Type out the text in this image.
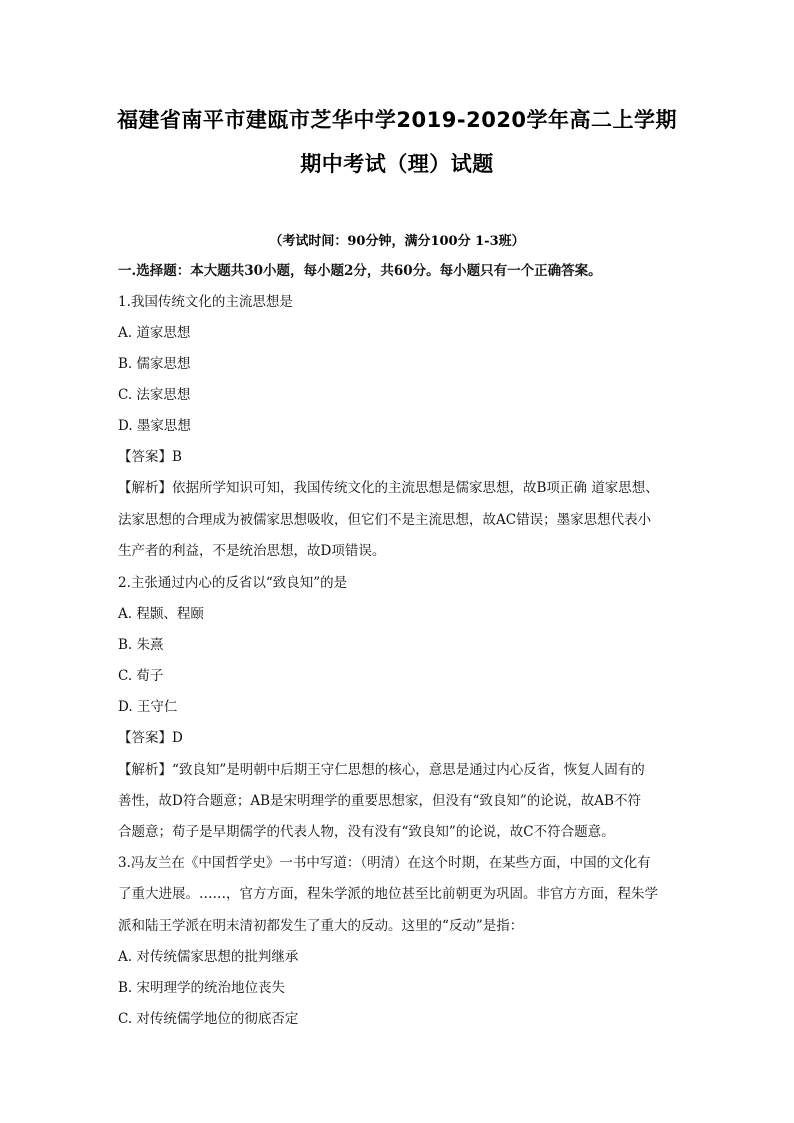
福建省南平市建瓯市芝华中学2019-2020学年高二上学期
期中考试（理）试题
（考试时间：90分钟，满分100分 1-3班）
一.选择题：本大题共30小题，每小题2分，共60分。每小题只有一个正确答案。
1.我国传统文化的主流思想是
A. 道家思想
B. 儒家思想
C. 法家思想
D. 墨家思想
【答案】B
【解析】依据所学知识可知，我国传统文化的主流思想是儒家思想，故B项正确 道家思想、
法家思想的合理成为被儒家思想吸收，但它们不是主流思想，故AC错误；墨家思想代表小
生产者的利益，不是统治思想，故D项错误。
2.主张通过内心的反省以“致良知”的是
A. 程颢、程颐
B. 朱熹
C. 荀子
D. 王守仁
【答案】D
【解析】“致良知”是明朝中后期王守仁思想的核心，意思是通过内心反省，恢复人固有的
善性，故D符合题意；AB是宋明理学的重要思想家，但没有“致良知”的论说，故AB不符
合题意；荀子是早期儒学的代表人物，没有没有“致良知”的论说，故C不符合题意。
3.冯友兰在《中国哲学史》一书中写道：（明清）在这个时期，在某些方面，中国的文化有
了重大进展。……，官方方面，程朱学派的地位甚至比前朝更为巩固。非官方方面，程朱学
派和陆王学派在明末清初都发生了重大的反动。这里的“反动”是指：
A. 对传统儒家思想的批判继承
B. 宋明理学的统治地位丧失
C. 对传统儒学地位的彻底否定
